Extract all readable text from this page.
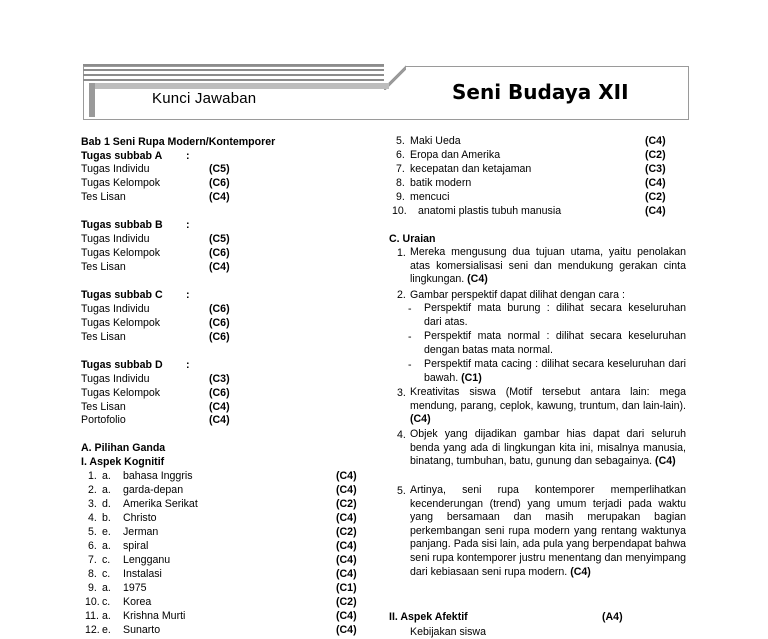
Kunci Jawaban	Seni Budaya XII
Bab 1 Seni Rupa Modern/Kontemporer
Tugas subbab A :
Tugas Individu	(C5)
Tugas Kelompok	(C6)
Tes Lisan	(C4)
Tugas subbab B :
Tugas Individu	(C5)
Tugas Kelompok	(C6)
Tes Lisan	(C4)
Tugas subbab C :
Tugas Individu	(C6)
Tugas Kelompok	(C6)
Tes Lisan	(C6)
Tugas subbab D :
Tugas Individu	(C3)
Tugas Kelompok	(C6)
Tes Lisan	(C4)
Portofolio	(C4)
A. Pilihan Ganda
I. Aspek Kognitif
1. a. bahasa Inggris	(C4)
2. a. garda-depan	(C4)
3. d. Amerika Serikat	(C2)
4. b. Christo	(C4)
5. e. Jerman	(C2)
6. a. spiral	(C4)
7. c. Lengganu	(C4)
8. c. Instalasi	(C4)
9. a. 1975	(C1)
10. c. Korea	(C2)
11. a. Krishna Murti	(C4)
12. e. Sunarto	(C4)
5. Maki Ueda	(C4)
6. Eropa dan Amerika	(C2)
7. kecepatan dan ketajaman	(C3)
8. batik modern	(C4)
9. mencuci	(C2)
10. anatomi plastis tubuh manusia	(C4)
C. Uraian
1. Mereka mengusung dua tujuan utama, yaitu penolakan atas komersialisasi seni dan mendukung gerakan cinta lingkungan. (C4)
2. Gambar perspektif dapat dilihat dengan cara :
- Perspektif mata burung : dilihat secara keseluruhan dari atas.
- Perspektif mata normal : dilihat secara keseluruhan dengan batas mata normal.
- Perspektif mata cacing : dilihat secara keseluruhan dari bawah. (C1)
3. Kreativitas siswa (Motif tersebut antara lain: mega mendung, parang, ceplok, kawung, truntum, dan lain-lain). (C4)
4. Objek yang dijadikan gambar hias dapat dari seluruh benda yang ada di lingkungan kita ini, misalnya manusia, binatang, tumbuhan, batu, gunung dan sebagainya. (C4)
5. Artinya, seni rupa kontemporer memperlihatkan kecenderungan (trend) yang umum terjadi pada waktu yang bersamaan dan masih merupakan bagian perkembangan seni rupa modern yang rentang waktunya panjang. Pada sisi lain, ada pula yang berpendapat bahwa seni rupa kontemporer justru menentang dan menyimpang dari kebiasaan seni rupa modern. (C4)
II. Aspek Afektif	(A4)
Kebijakan siswa
